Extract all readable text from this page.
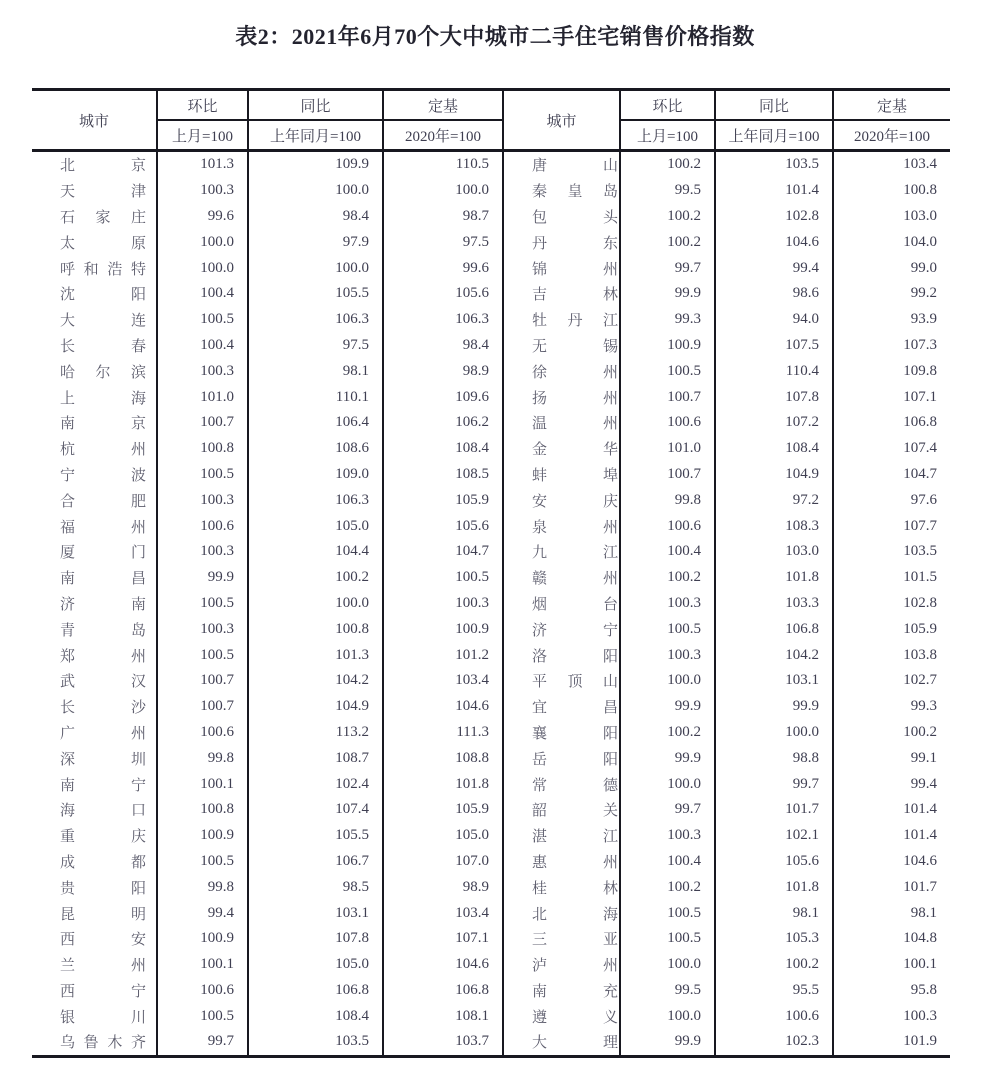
表2：2021年6月70个大中城市二手住宅销售价格指数
城市	环比	同比	定基	城市	环比	同比	定基
	上月=100	上年同月=100	2020年=100		上月=100	上年同月=100	2020年=100
北京	101.3	109.9	110.5	唐山	100.2	103.5	103.4
天津	100.3	100.0	100.0	秦皇岛	99.5	101.4	100.8
石家庄	99.6	98.4	98.7	包头	100.2	102.8	103.0
太原	100.0	97.9	97.5	丹东	100.2	104.6	104.0
呼和浩特	100.0	100.0	99.6	锦州	99.7	99.4	99.0
沈阳	100.4	105.5	105.6	吉林	99.9	98.6	99.2
大连	100.5	106.3	106.3	牡丹江	99.3	94.0	93.9
长春	100.4	97.5	98.4	无锡	100.9	107.5	107.3
哈尔滨	100.3	98.1	98.9	徐州	100.5	110.4	109.8
上海	101.0	110.1	109.6	扬州	100.7	107.8	107.1
南京	100.7	106.4	106.2	温州	100.6	107.2	106.8
杭州	100.8	108.6	108.4	金华	101.0	108.4	107.4
宁波	100.5	109.0	108.5	蚌埠	100.7	104.9	104.7
合肥	100.3	106.3	105.9	安庆	99.8	97.2	97.6
福州	100.6	105.0	105.6	泉州	100.6	108.3	107.7
厦门	100.3	104.4	104.7	九江	100.4	103.0	103.5
南昌	99.9	100.2	100.5	赣州	100.2	101.8	101.5
济南	100.5	100.0	100.3	烟台	100.3	103.3	102.8
青岛	100.3	100.8	100.9	济宁	100.5	106.8	105.9
郑州	100.5	101.3	101.2	洛阳	100.3	104.2	103.8
武汉	100.7	104.2	103.4	平顶山	100.0	103.1	102.7
长沙	100.7	104.9	104.6	宜昌	99.9	99.9	99.3
广州	100.6	113.2	111.3	襄阳	100.2	100.0	100.2
深圳	99.8	108.7	108.8	岳阳	99.9	98.8	99.1
南宁	100.1	102.4	101.8	常德	100.0	99.7	99.4
海口	100.8	107.4	105.9	韶关	99.7	101.7	101.4
重庆	100.9	105.5	105.0	湛江	100.3	102.1	101.4
成都	100.5	106.7	107.0	惠州	100.4	105.6	104.6
贵阳	99.8	98.5	98.9	桂林	100.2	101.8	101.7
昆明	99.4	103.1	103.4	北海	100.5	98.1	98.1
西安	100.9	107.8	107.1	三亚	100.5	105.3	104.8
兰州	100.1	105.0	104.6	泸州	100.0	100.2	100.1
西宁	100.6	106.8	106.8	南充	99.5	95.5	95.8
银川	100.5	108.4	108.1	遵义	100.0	100.6	100.3
乌鲁木齐	99.7	103.5	103.7	大理	99.9	102.3	101.9
